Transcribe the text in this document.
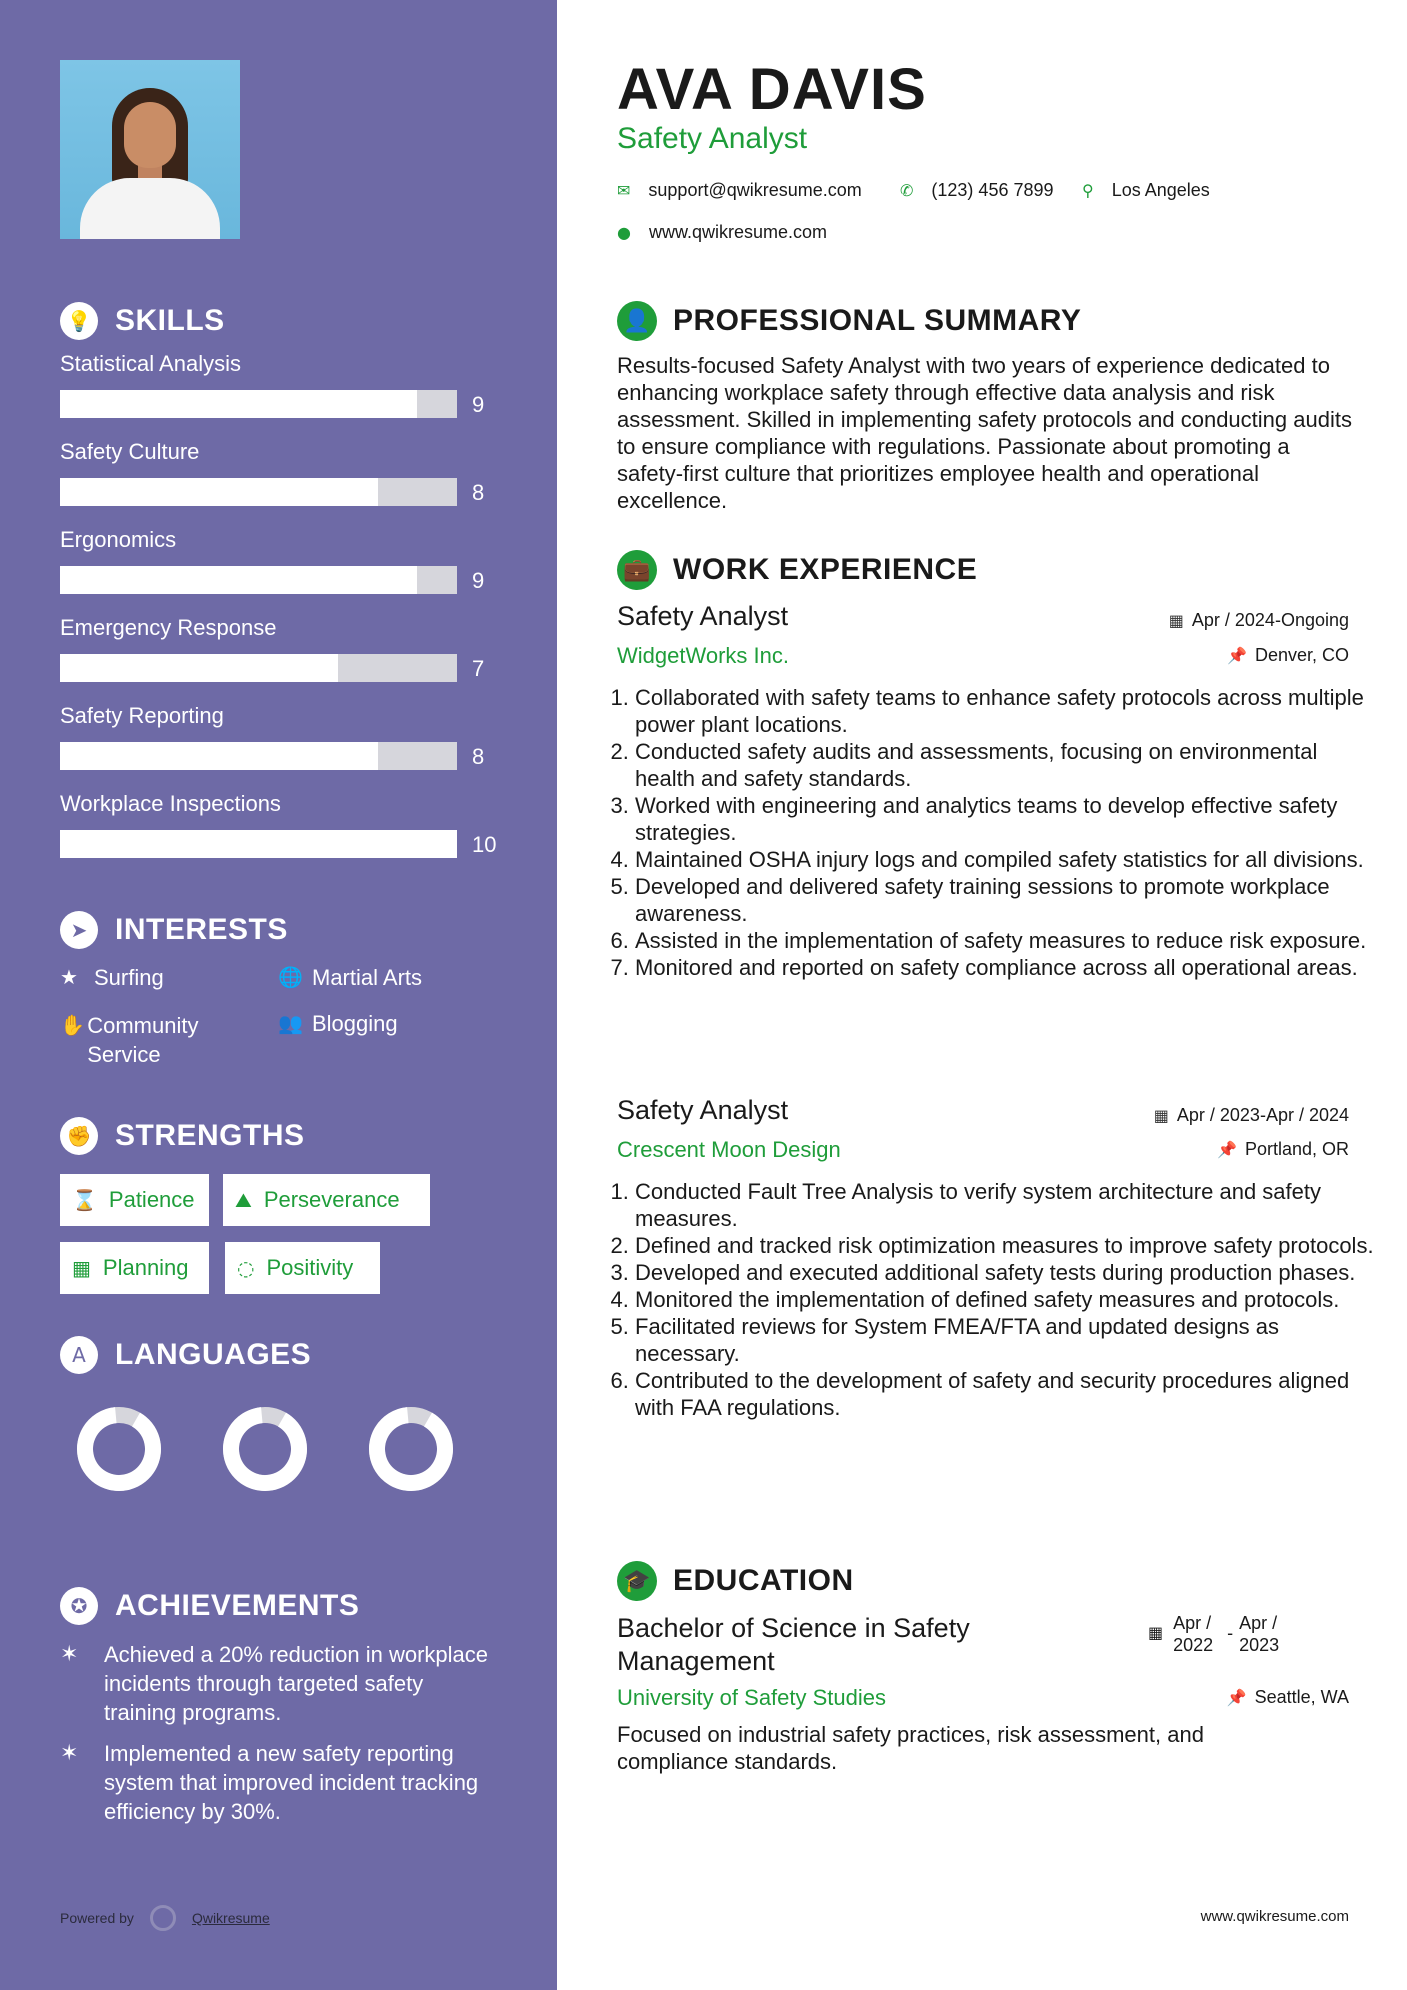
💡 SKILLS
Statistical Analysis
9
Safety Culture
8
Ergonomics
9
Emergency Response
7
Safety Reporting
8
Workplace Inspections
10
➤ INTERESTS
★ Surfing	🌐 Martial Arts
✋ Community Service
👥 Blogging
✊ STRENGTHS
⌛ Patience ⛰ Perseverance
▦ Planning ◌ Positivity
A LANGUAGES
English	Mandarin Polish
✪ ACHIEVEMENTS
✶	Achieved a 20% reduction in workplace incidents through targeted safety training programs.
✶	Implemented a new safety reporting system that improved incident tracking efficiency by 30%.
Powered by	Qwikresume
AVA DAVIS
Safety Analyst
✉ support@qwikresume.com ✆ (123) 456 7899 ⚲ Los Angeles
● www.qwikresume.com
👤 PROFESSIONAL SUMMARY
Results-focused Safety Analyst with two years of experience dedicated to enhancing workplace safety through effective data analysis and risk assessment. Skilled in implementing safety protocols and conducting audits to ensure compliance with regulations. Passionate about promoting a safety-first culture that prioritizes employee health and operational excellence.
💼 WORK EXPERIENCE
Safety Analyst	▦ Apr / 2024-Ongoing
WidgetWorks Inc.	📌 Denver, CO
1. Collaborated with safety teams to enhance safety protocols across multiple power plant locations.
2. Conducted safety audits and assessments, focusing on environmental health and safety standards.
3. Worked with engineering and analytics teams to develop effective safety strategies.
4. Maintained OSHA injury logs and compiled safety statistics for all divisions.
5. Developed and delivered safety training sessions to promote workplace awareness.
6. Assisted in the implementation of safety measures to reduce risk exposure.
7. Monitored and reported on safety compliance across all operational areas.
Safety Analyst	▦ Apr / 2023-Apr / 2024
Crescent Moon Design	📌 Portland, OR
1. Conducted Fault Tree Analysis to verify system architecture and safety measures.
2. Defined and tracked risk optimization measures to improve safety protocols.
3. Developed and executed additional safety tests during production phases.
4. Monitored the implementation of defined safety measures and protocols.
5. Facilitated reviews for System FMEA/FTA and updated designs as necessary.
6. Contributed to the development of safety and security procedures aligned with FAA regulations.
🎓 EDUCATION
Bachelor of Science in Safety Management
▦ Apr / 2022
- Apr / 2023
University of Safety Studies	📌 Seattle, WA
Focused on industrial safety practices, risk assessment, and compliance standards.
www.qwikresume.com
